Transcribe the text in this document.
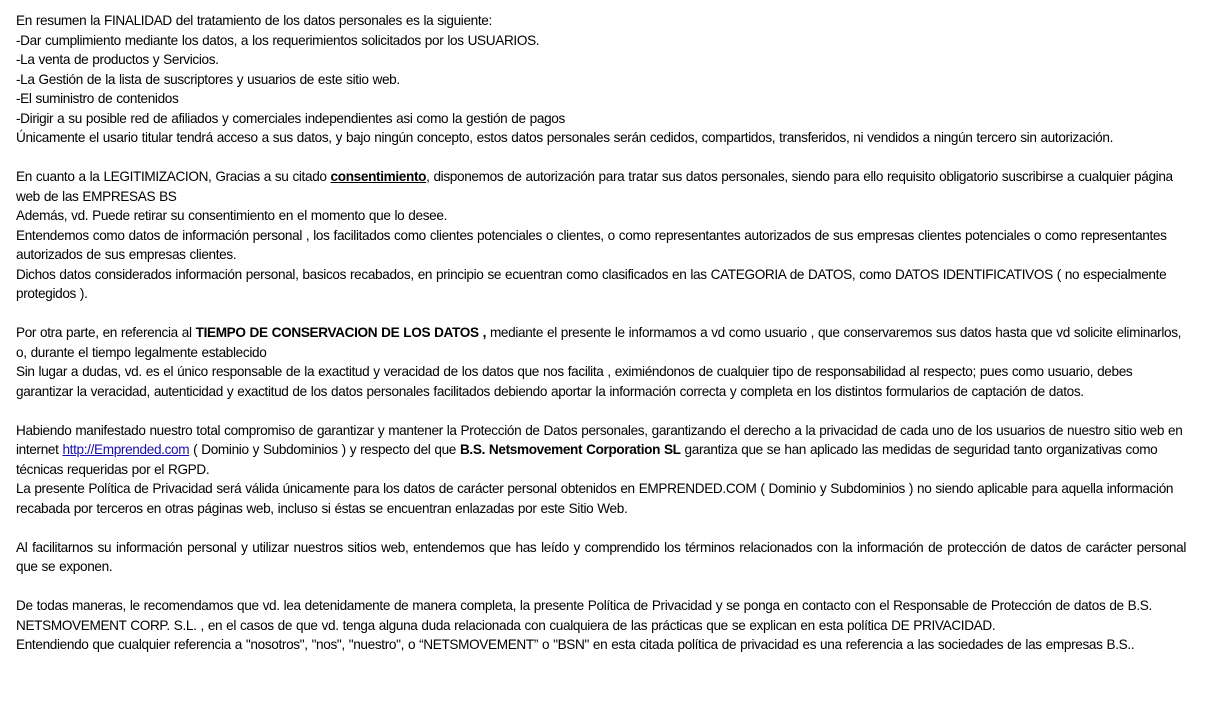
En resumen la FINALIDAD del tratamiento de los datos personales es la siguiente:

-Dar cumplimiento mediante los datos, a los requerimientos solicitados por los USUARIOS.

-La venta de productos y Servicios.

-La Gestión de la lista de suscriptores y usuarios de este sitio web.

-El suministro de contenidos

-Dirigir a su posible red de afiliados y comerciales independientes asi como la gestión de pagos

Únicamente el usario titular tendrá acceso a sus datos, y bajo ningún concepto, estos datos personales serán cedidos, compartidos, transferidos, ni vendidos a ningún tercero sin autorización.

En cuanto a la LEGITIMIZACION, Gracias a su citado consentimiento, disponemos de autorización para tratar sus datos personales, siendo para ello requisito obligatorio suscribirse a cualquier página web de las EMPRESAS BS

Además, vd. Puede retirar su consentimiento en el momento que lo desee.

Entendemos como datos de información personal , los facilitados como clientes potenciales o clientes, o como representantes autorizados de sus empresas clientes potenciales o como representantes autorizados de sus empresas clientes.

Dichos datos considerados información personal, basicos recabados, en principio se ecuentran como clasificados en las CATEGORIA de DATOS, como DATOS IDENTIFICATIVOS ( no especialmente protegidos ).

Por otra parte, en referencia al TIEMPO DE CONSERVACION DE LOS DATOS , mediante el presente le informamos a vd como usuario , que conservaremos sus datos hasta que vd solicite eliminarlos, o, durante el tiempo legalmente establecido

Sin lugar a dudas, vd. es el único responsable de la exactitud y veracidad de los datos que nos facilita , eximiéndonos de cualquier tipo de responsabilidad al respecto; pues como usuario, debes garantizar la veracidad, autenticidad y exactitud de los datos personales facilitados debiendo aportar la información correcta y completa en los distintos formularios de captación de datos.

Habiendo manifestado nuestro total compromiso de garantizar y mantener la Protección de Datos personales, garantizando el derecho a la privacidad de cada uno de los usuarios de nuestro sitio web en internet http://Emprended.com ( Dominio y Subdominios ) y respecto del que B.S. Netsmovement Corporation SL garantiza que se han aplicado las medidas de seguridad tanto organizativas como técnicas requeridas por el RGPD.

La presente Política de Privacidad será válida únicamente para los datos de carácter personal obtenidos en EMPRENDED.COM ( Dominio y Subdominios ) no siendo aplicable para aquella información recabada por terceros en otras páginas web, incluso si éstas se encuentran enlazadas por este Sitio Web.

Al facilitarnos su información personal y utilizar nuestros sitios web, entendemos que has leído y comprendido los términos relacionados con la información de protección de datos de carácter personal que se exponen.

De todas maneras, le recomendamos que vd. lea detenidamente de manera completa, la presente Política de Privacidad y se ponga en contacto con el Responsable de Protección de datos de B.S. NETSMOVEMENT CORP. S.L. , en el casos de que vd. tenga alguna duda relacionada con cualquiera de las prácticas que se explican en esta política DE PRIVACIDAD.

Entendiendo que cualquier referencia a "nosotros", "nos", "nuestro", o “NETSMOVEMENT” o "BSN" en esta citada política de privacidad es una referencia a las sociedades de las empresas B.S..
